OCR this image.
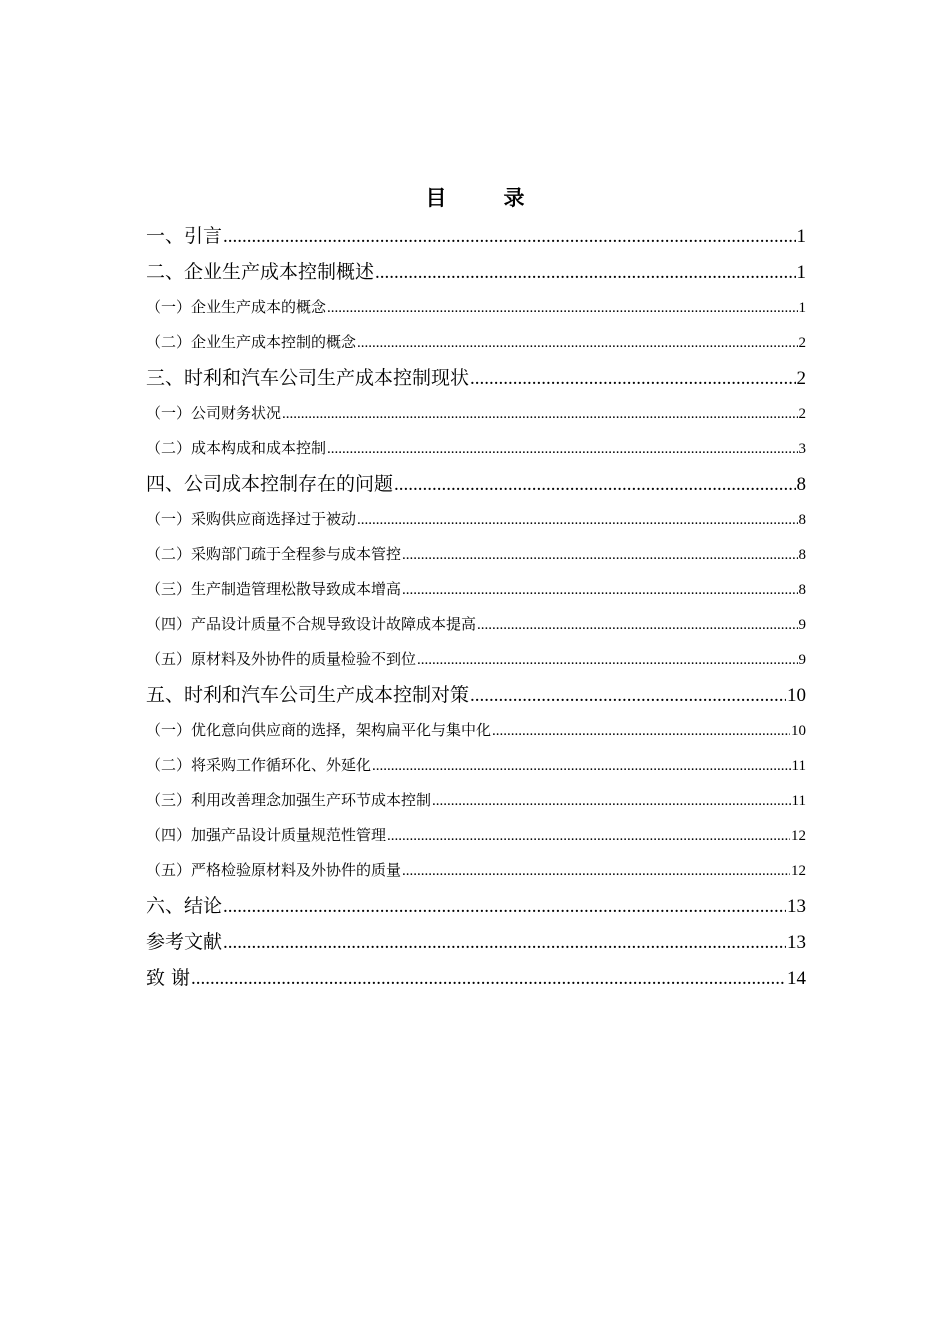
目　录
一、引言 .....	1
二、企业生产成本控制概述 .....	1
（一）企业生产成本的概念 .....	1
（二）企业生产成本控制的概念 .....	2
三、时利和汽车公司生产成本控制现状 .....	2
（一）公司财务状况 .....	2
（二）成本构成和成本控制 .....	3
四、公司成本控制存在的问题 .....	8
（一）采购供应商选择过于被动 .....	8
（二）采购部门疏于全程参与成本管控 .....	8
（三）生产制造管理松散导致成本增高 .....	8
（四）产品设计质量不合规导致设计故障成本提高 .....	9
（五）原材料及外协件的质量检验不到位 .....	9
五、时利和汽车公司生产成本控制对策 .....	10
（一）优化意向供应商的选择，架构扁平化与集中化 .....	10
（二）将采购工作循环化、外延化 .....	11
（三）利用改善理念加强生产环节成本控制 .....	11
（四）加强产品设计质量规范性管理 .....	12
（五）严格检验原材料及外协件的质量 .....	12
六、结论 .....	13
参考文献 .....	13
致 谢 .....	14
